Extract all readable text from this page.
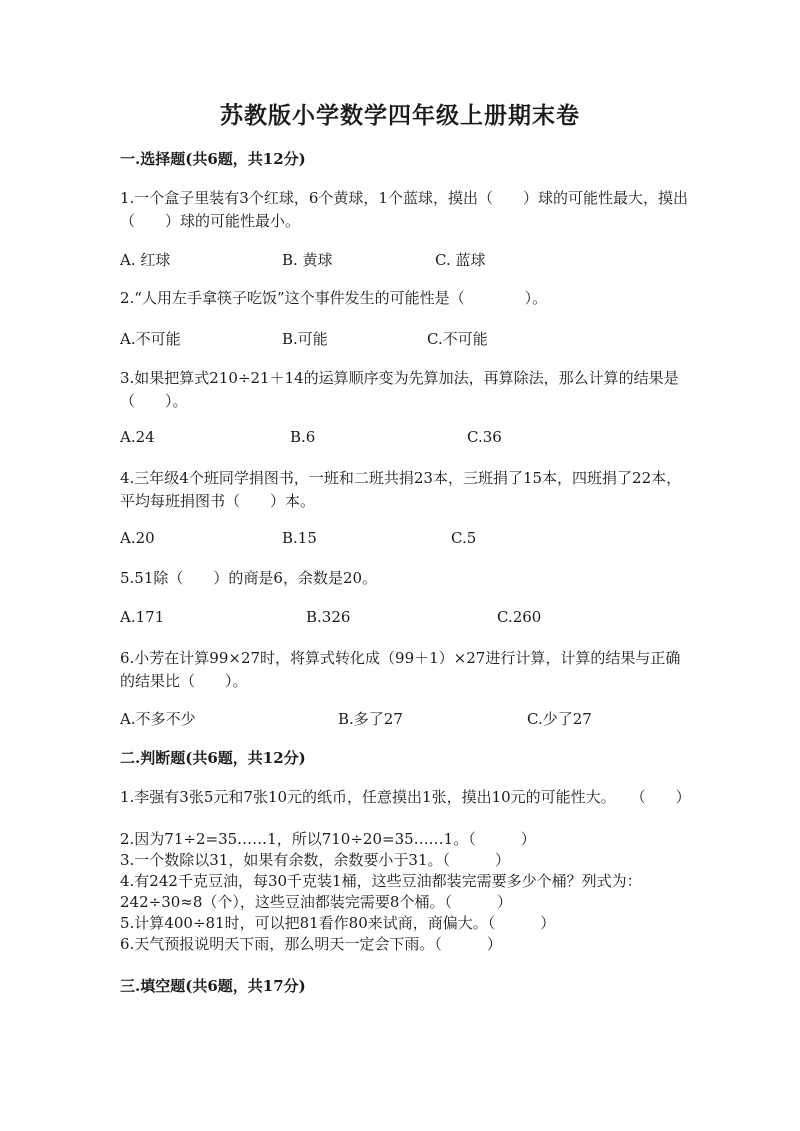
苏教版小学数学四年级上册期末卷
一.选择题(共6题，共12分)
1.一个盒子里装有3个红球，6个黄球，1个蓝球，摸出（　　）球的可能性最大，摸出（　　）球的可能性最小。
A. 红球	B. 黄球	C. 蓝球
2.“人用左手拿筷子吃饭”这个事件发生的可能性是（　　　　）。
A.不可能	B.可能	C.不可能
3.如果把算式210÷21＋14的运算顺序变为先算加法，再算除法，那么计算的结果是（　　）。
A.24	B.6	C.36
4.三年级4个班同学捐图书，一班和二班共捐23本，三班捐了15本，四班捐了22本，平均每班捐图书（　　）本。
A.20	B.15	C.5
5.51除（　　）的商是6，余数是20。
A.171	B.326	C.260
6.小芳在计算99×27时，将算式转化成（99＋1）×27进行计算，计算的结果与正确的结果比（　　）。
A.不多不少	B.多了27	C.少了27
二.判断题(共6题，共12分)
1.李强有3张5元和7张10元的纸币，任意摸出1张，摸出10元的可能性大。　　（　　）
2.因为71÷2=35……1，所以710÷20=35……1。（　　　）
3.一个数除以31，如果有余数，余数要小于31。（　　　）
4.有242千克豆油，每30千克装1桶，这些豆油都装完需要多少个桶？列式为：242÷30≈8（个），这些豆油都装完需要8个桶。（　　　）
5.计算400÷81时，可以把81看作80来试商，商偏大。（　　　）
6.天气预报说明天下雨，那么明天一定会下雨。（　　　）
三.填空题(共6题，共17分)
